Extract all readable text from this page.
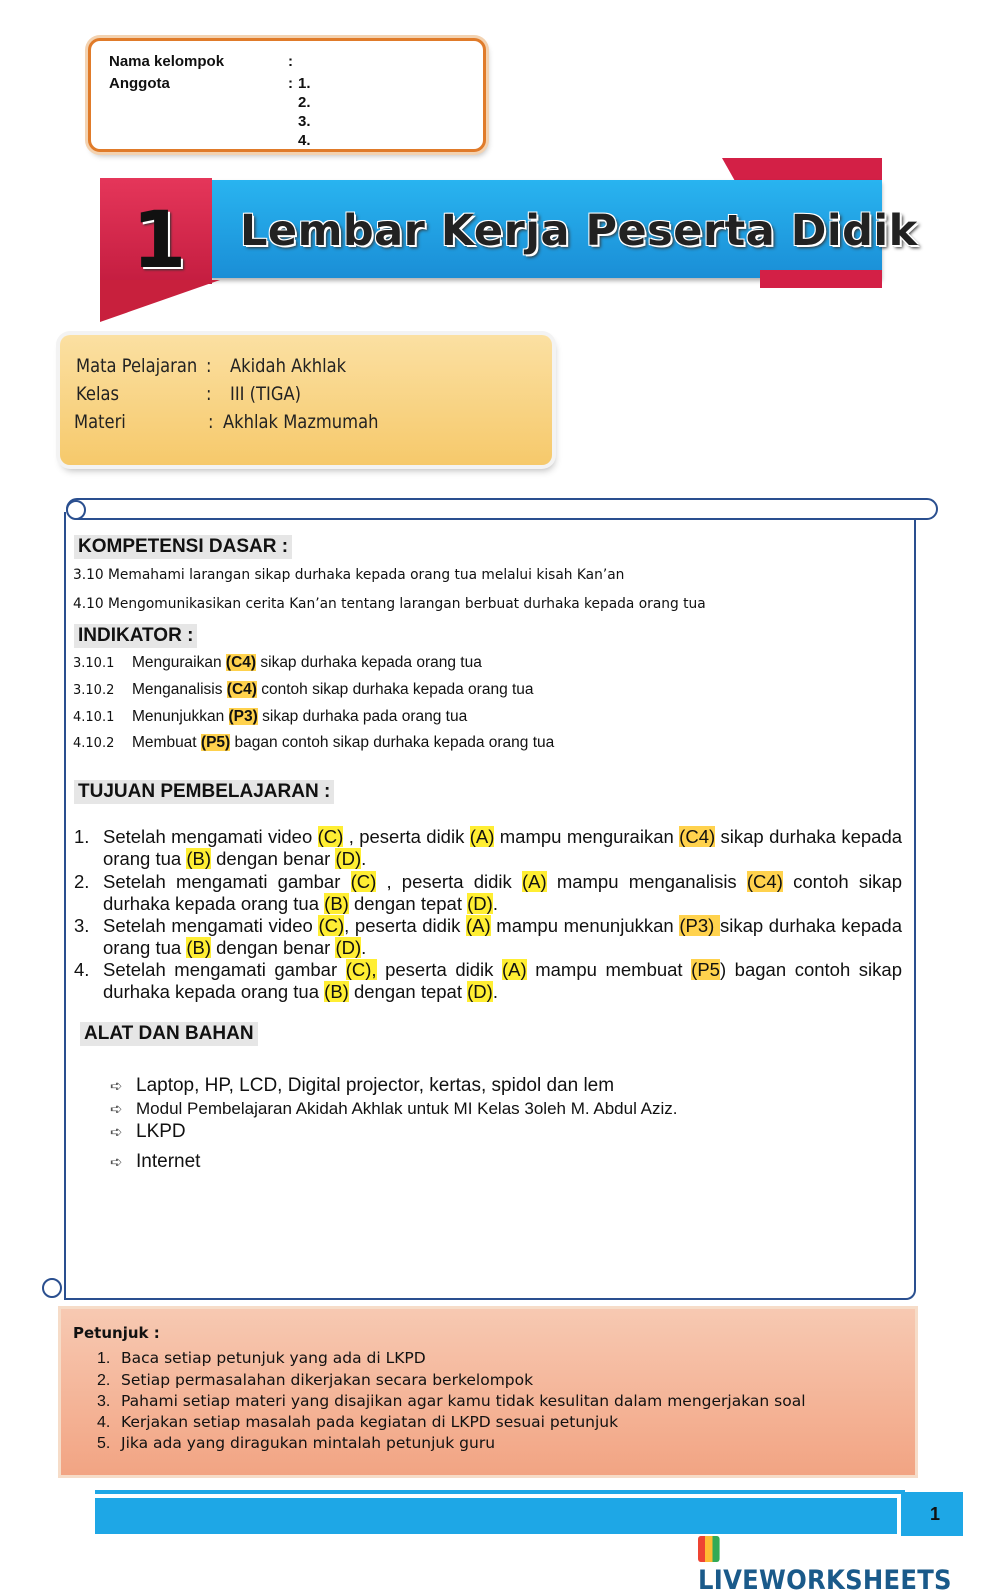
Nama kelompok	:
Anggota	: 1.
2.
3.
4.
1 Lembar Kerja Peserta Didik
Mata Pelajaran : Akidah Akhlak
Kelas	: III (TIGA)
Materi	: Akhlak Mazmumah
KOMPETENSI DASAR :
3.10 Memahami larangan sikap durhaka kepada orang tua melalui kisah Kan’an
4.10 Mengomunikasikan cerita Kan’an tentang larangan berbuat durhaka kepada orang tua
INDIKATOR :
3.10.1 Menguraikan (C4) sikap durhaka kepada orang tua
3.10.2 Menganalisis (C4) contoh sikap durhaka kepada orang tua
4.10.1 Menunjukkan (P3) sikap durhaka pada orang tua
4.10.2 Membuat (P5) bagan contoh sikap durhaka kepada orang tua
TUJUAN PEMBELAJARAN :
1. Setelah mengamati video (C) , peserta didik (A) mampu menguraikan (C4) sikap durhaka kepada orang tua (B) dengan benar (D).
2. Setelah mengamati gambar (C) , peserta didik (A) mampu menganalisis (C4) contoh sikap durhaka kepada orang tua (B) dengan tepat (D).
3. Setelah mengamati video (C), peserta didik (A) mampu menunjukkan (P3) sikap durhaka kepada orang tua (B) dengan benar (D).
4. Setelah mengamati gambar (C), peserta didik (A) mampu membuat (P5) bagan contoh sikap durhaka kepada orang tua (B) dengan tepat (D).
ALAT DAN BAHAN
➪ Laptop, HP, LCD, Digital projector, kertas, spidol dan lem
➪ Modul Pembelajaran Akidah Akhlak untuk MI Kelas 3oleh M. Abdul Aziz.
➪ LKPD
➪ Internet
Petunjuk :
1. Baca setiap petunjuk yang ada di LKPD
2. Setiap permasalahan dikerjakan secara berkelompok
3. Pahami setiap materi yang disajikan agar kamu tidak kesulitan dalam mengerjakan soal
4. Kerjakan setiap masalah pada kegiatan di LKPD sesuai petunjuk
5. Jika ada yang diragukan mintalah petunjuk guru
1
LIVEWORKSHEETS
